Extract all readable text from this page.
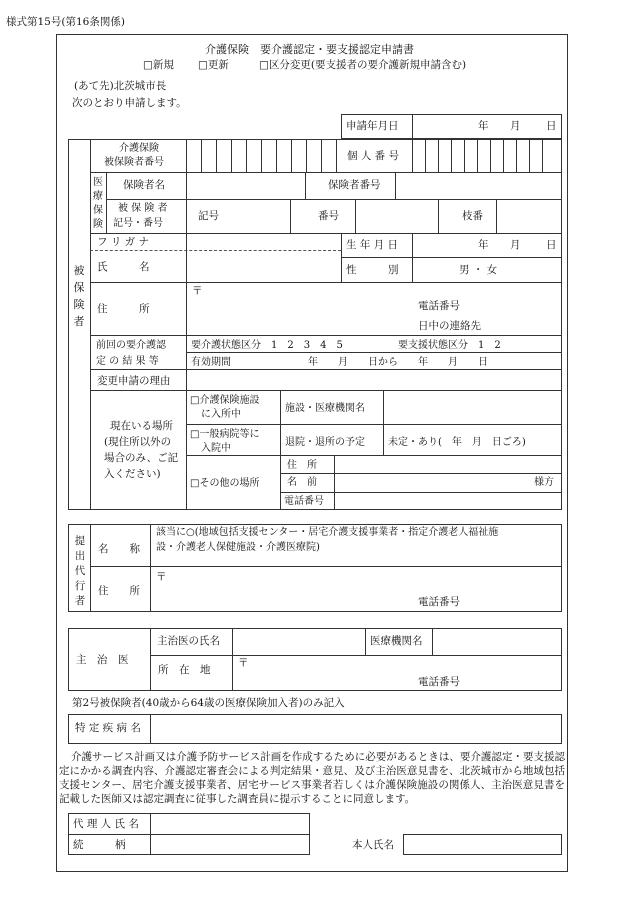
様式第15号(第16条関係)
介護保険　要介護認定・要支援認定申請書
□新規 □更新	□区分変更(要支援者の要介護新規申請含む)
(あて先)北茨城市長
次のとおり申請します。
申請年月日	年 月 日
被保険者
介護保険
被保険者番号
個 人 番 号
医療保険
保険者名	保険者番号
被 保 険 者
記号・番号
記号	番号	枝番
フ リ ガ ナ
氏　　　名
生 年 月 日	年 月 日
性　　　別	男 ・ 女
住　　　所
〒
電話番号
日中の連絡先
前回の要介護認
定 の 結 果 等
要介護状態区分　1　2　3　4　5	要支援状態区分　1　2
有効期間	年　　月　　日から　　年　　月　　日
変更申請の理由
現在いる場所
(現住所以外の
場合のみ、ご記
入ください)
□介護保険施設
に入所中
施設・医療機関名
□一般病院等に
入院中
退院・退所の予定 未定・あり(　年　月　日ごろ)
□その他の場所
住　所
名　前	様方
電話番号
提出代行者
名　　称
該当に○(地域包括支援センター・居宅介護支援事業者・指定介護老人福祉施
設・介護老人保健施設・介護医療院)
住　　所
〒
電話番号
主　治　医
主治医の氏名	医療機関名
所　在　地
〒
電話番号
第2号被保険者(40歳から64歳の医療保険加入者)のみ記入
特 定 疾 病 名
介護サービス計画又は介護予防サービス計画を作成するために必要があるときは、要介護認定・要支援認定にかかる調査内容、介護認定審査会による判定結果・意見、及び主治医意見書を、北茨城市から地域包括支援センター、居宅介護支援事業者、居宅サービス事業者若しくは介護保険施設の関係人、主治医意見書を記載した医師又は認定調査に従事した調査員に提示することに同意します。
代 理 人 氏 名
続　　　柄	本人氏名
